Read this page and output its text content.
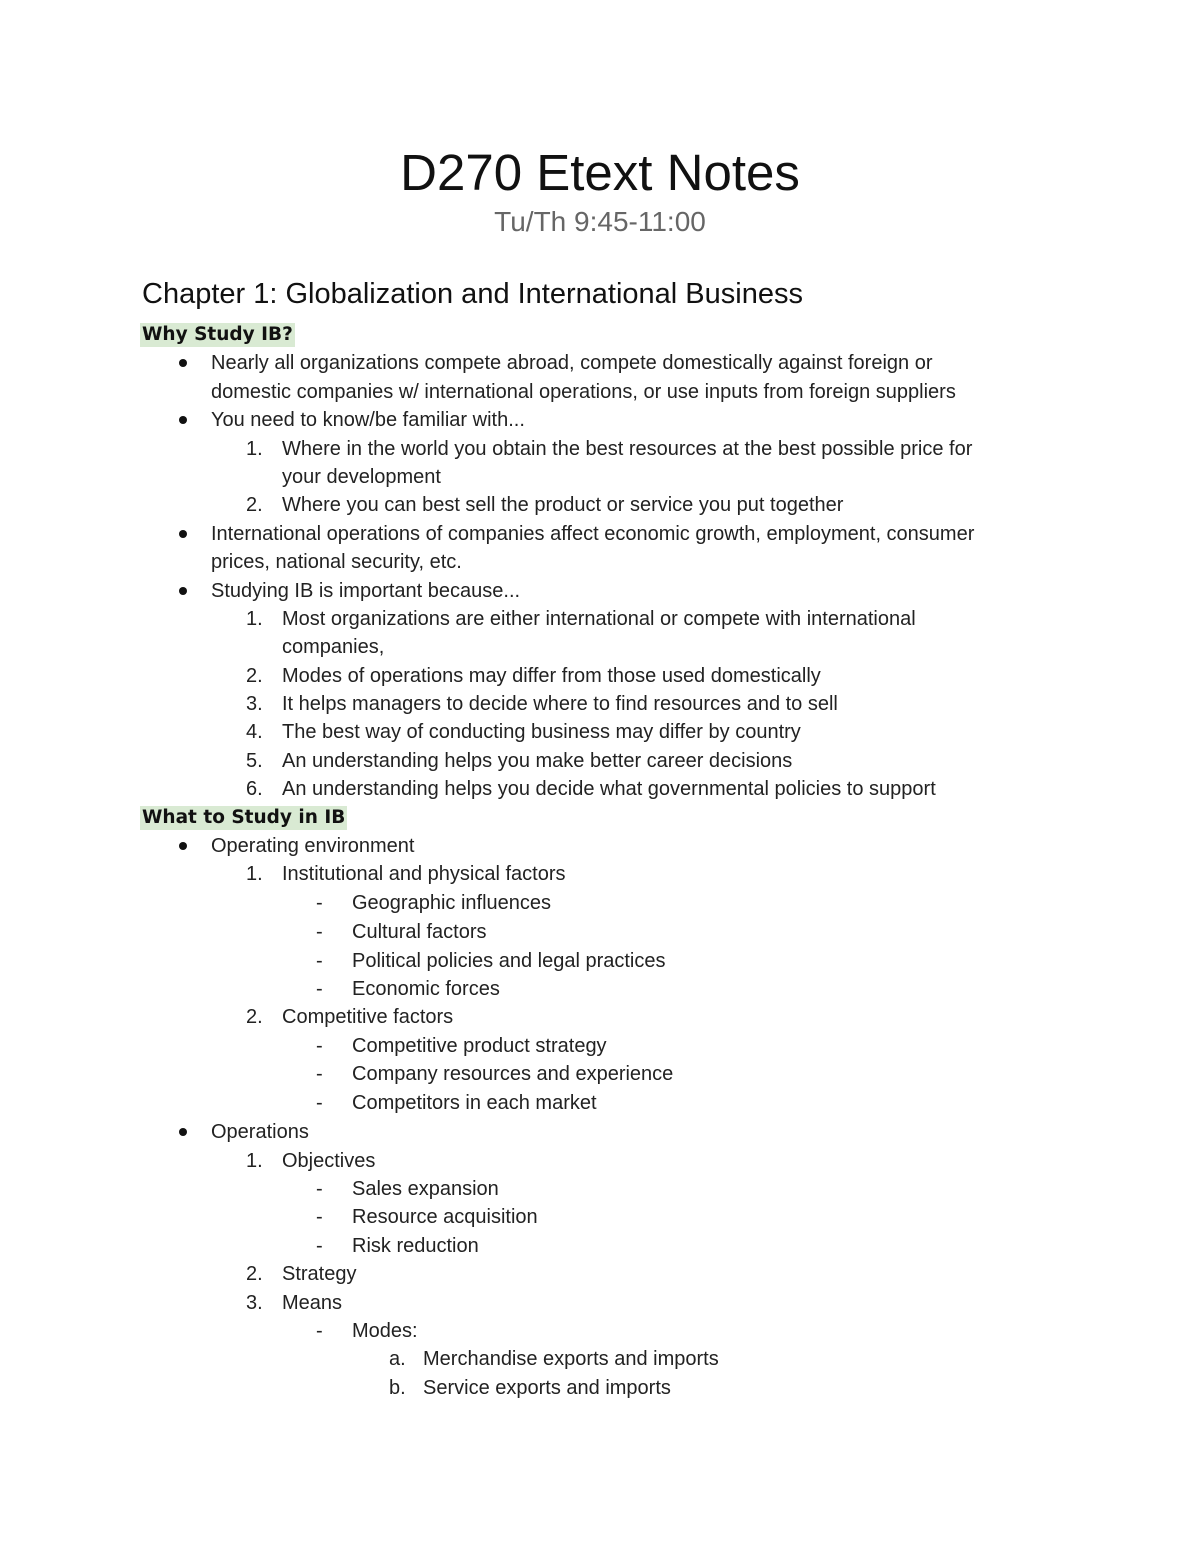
D270 Etext Notes
Tu/Th 9:45-11:00
Chapter 1: Globalization and International Business
Why Study IB?
Nearly all organizations compete abroad, compete domestically against foreign or
domestic companies w/ international operations, or use inputs from foreign suppliers
You need to know/be familiar with...
1. Where in the world you obtain the best resources at the best possible price for
your development
2. Where you can best sell the product or service you put together
International operations of companies affect economic growth, employment, consumer
prices, national security, etc.
Studying IB is important because...
1. Most organizations are either international or compete with international
companies,
2. Modes of operations may differ from those used domestically
3. It helps managers to decide where to find resources and to sell
4. The best way of conducting business may differ by country
5. An understanding helps you make better career decisions
6. An understanding helps you decide what governmental policies to support
What to Study in IB
Operating environment
1. Institutional and physical factors
- Geographic influences
- Cultural factors
- Political policies and legal practices
- Economic forces
2. Competitive factors
- Competitive product strategy
- Company resources and experience
- Competitors in each market
Operations
1. Objectives
- Sales expansion
- Resource acquisition
- Risk reduction
2. Strategy
3. Means
- Modes:
a. Merchandise exports and imports
b. Service exports and imports
